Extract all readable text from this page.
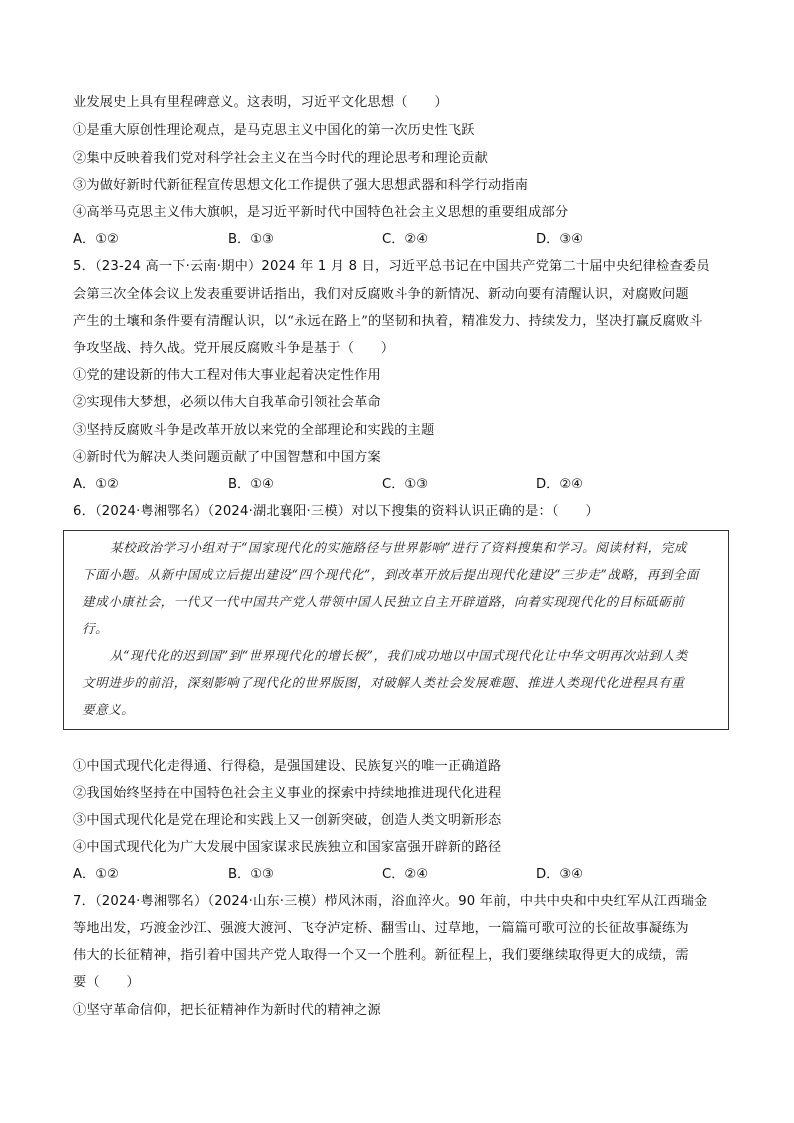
业发展史上具有里程碑意义。这表明，习近平文化思想（　　）
①是重大原创性理论观点，是马克思主义中国化的第一次历史性飞跃
②集中反映着我们党对科学社会主义在当今时代的理论思考和理论贡献
③为做好新时代新征程宣传思想文化工作提供了强大思想武器和科学行动指南
④高举马克思主义伟大旗帜，是习近平新时代中国特色社会主义思想的重要组成部分
A．①②	B．①③	C．②④	D．③④
5．（23-24 高一下·云南·期中）2024 年 1 月 8 日，习近平总书记在中国共产党第二十届中央纪律检查委员
会第三次全体会议上发表重要讲话指出，我们对反腐败斗争的新情况、新动向要有清醒认识，对腐败问题
产生的土壤和条件要有清醒认识，以“永远在路上”的坚韧和执着，精准发力、持续发力，坚决打赢反腐败斗
争攻坚战、持久战。党开展反腐败斗争是基于（　　）
①党的建设新的伟大工程对伟大事业起着决定性作用
②实现伟大梦想，必须以伟大自我革命引领社会革命
③坚持反腐败斗争是改革开放以来党的全部理论和实践的主题
④新时代为解决人类问题贡献了中国智慧和中国方案
A．①②	B．①④	C．①③	D．②④
6．（2024·粤湘鄂名）（2024·湖北襄阳·三模）对以下搜集的资料认识正确的是：（　　）
某校政治学习小组对于“国家现代化的实施路径与世界影响”进行了资料搜集和学习。阅读材料，完成
下面小题。从新中国成立后提出建设“四个现代化”，到改革开放后提出现代化建设“三步走”战略，再到全面
建成小康社会，一代又一代中国共产党人带领中国人民独立自主开辟道路，向着实现现代化的目标砥砺前
行。
从“现代化的迟到国”到“世界现代化的增长极”，我们成功地以中国式现代化让中华文明再次站到人类
文明进步的前沿，深刻影响了现代化的世界版图，对破解人类社会发展难题、推进人类现代化进程具有重
要意义。
①中国式现代化走得通、行得稳，是强国建设、民族复兴的唯一正确道路
②我国始终坚持在中国特色社会主义事业的探索中持续地推进现代化进程
③中国式现代化是党在理论和实践上又一创新突破，创造人类文明新形态
④中国式现代化为广大发展中国家谋求民族独立和国家富强开辟新的路径
A．①②	B．①③	C．②④	D．③④
7．（2024·粤湘鄂名）（2024·山东·三模）栉风沐雨，浴血淬火。90 年前，中共中央和中央红军从江西瑞金
等地出发，巧渡金沙江、强渡大渡河、飞夺泸定桥、翻雪山、过草地，一篇篇可歌可泣的长征故事凝练为
伟大的长征精神，指引着中国共产党人取得一个又一个胜利。新征程上，我们要继续取得更大的成绩，需
要（　　）
①坚守革命信仰，把长征精神作为新时代的精神之源
